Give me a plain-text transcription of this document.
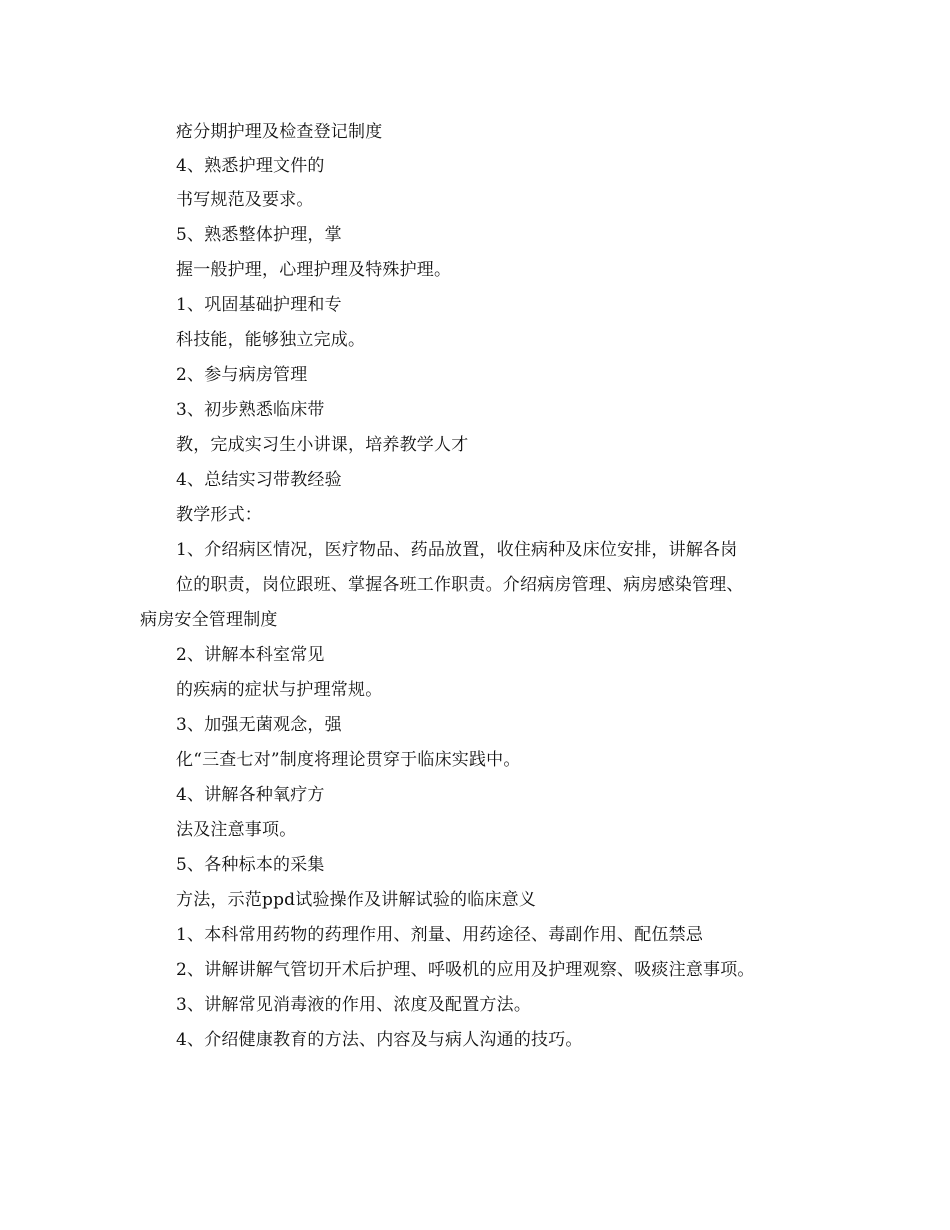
疮分期护理及检查登记制度
4、熟悉护理文件的
书写规范及要求。
5、熟悉整体护理，掌
握一般护理，心理护理及特殊护理。
1、巩固基础护理和专
科技能，能够独立完成。
2、参与病房管理
3、初步熟悉临床带
教，完成实习生小讲课，培养教学人才
4、总结实习带教经验
教学形式：
1、介绍病区情况，医疗物品、药品放置，收住病种及床位安排，讲解各岗
位的职责，岗位跟班、掌握各班工作职责。介绍病房管理、病房感染管理、
病房安全管理制度
2、讲解本科室常见
的疾病的症状与护理常规。
3、加强无菌观念，强
化“三查七对”制度将理论贯穿于临床实践中。
4、讲解各种氧疗方
法及注意事项。
5、各种标本的采集
方法，示范ppd试验操作及讲解试验的临床意义
1、本科常用药物的药理作用、剂量、用药途径、毒副作用、配伍禁忌
2、讲解讲解气管切开术后护理、呼吸机的应用及护理观察、吸痰注意事项。
3、讲解常见消毒液的作用、浓度及配置方法。
4、介绍健康教育的方法、内容及与病人沟通的技巧。
